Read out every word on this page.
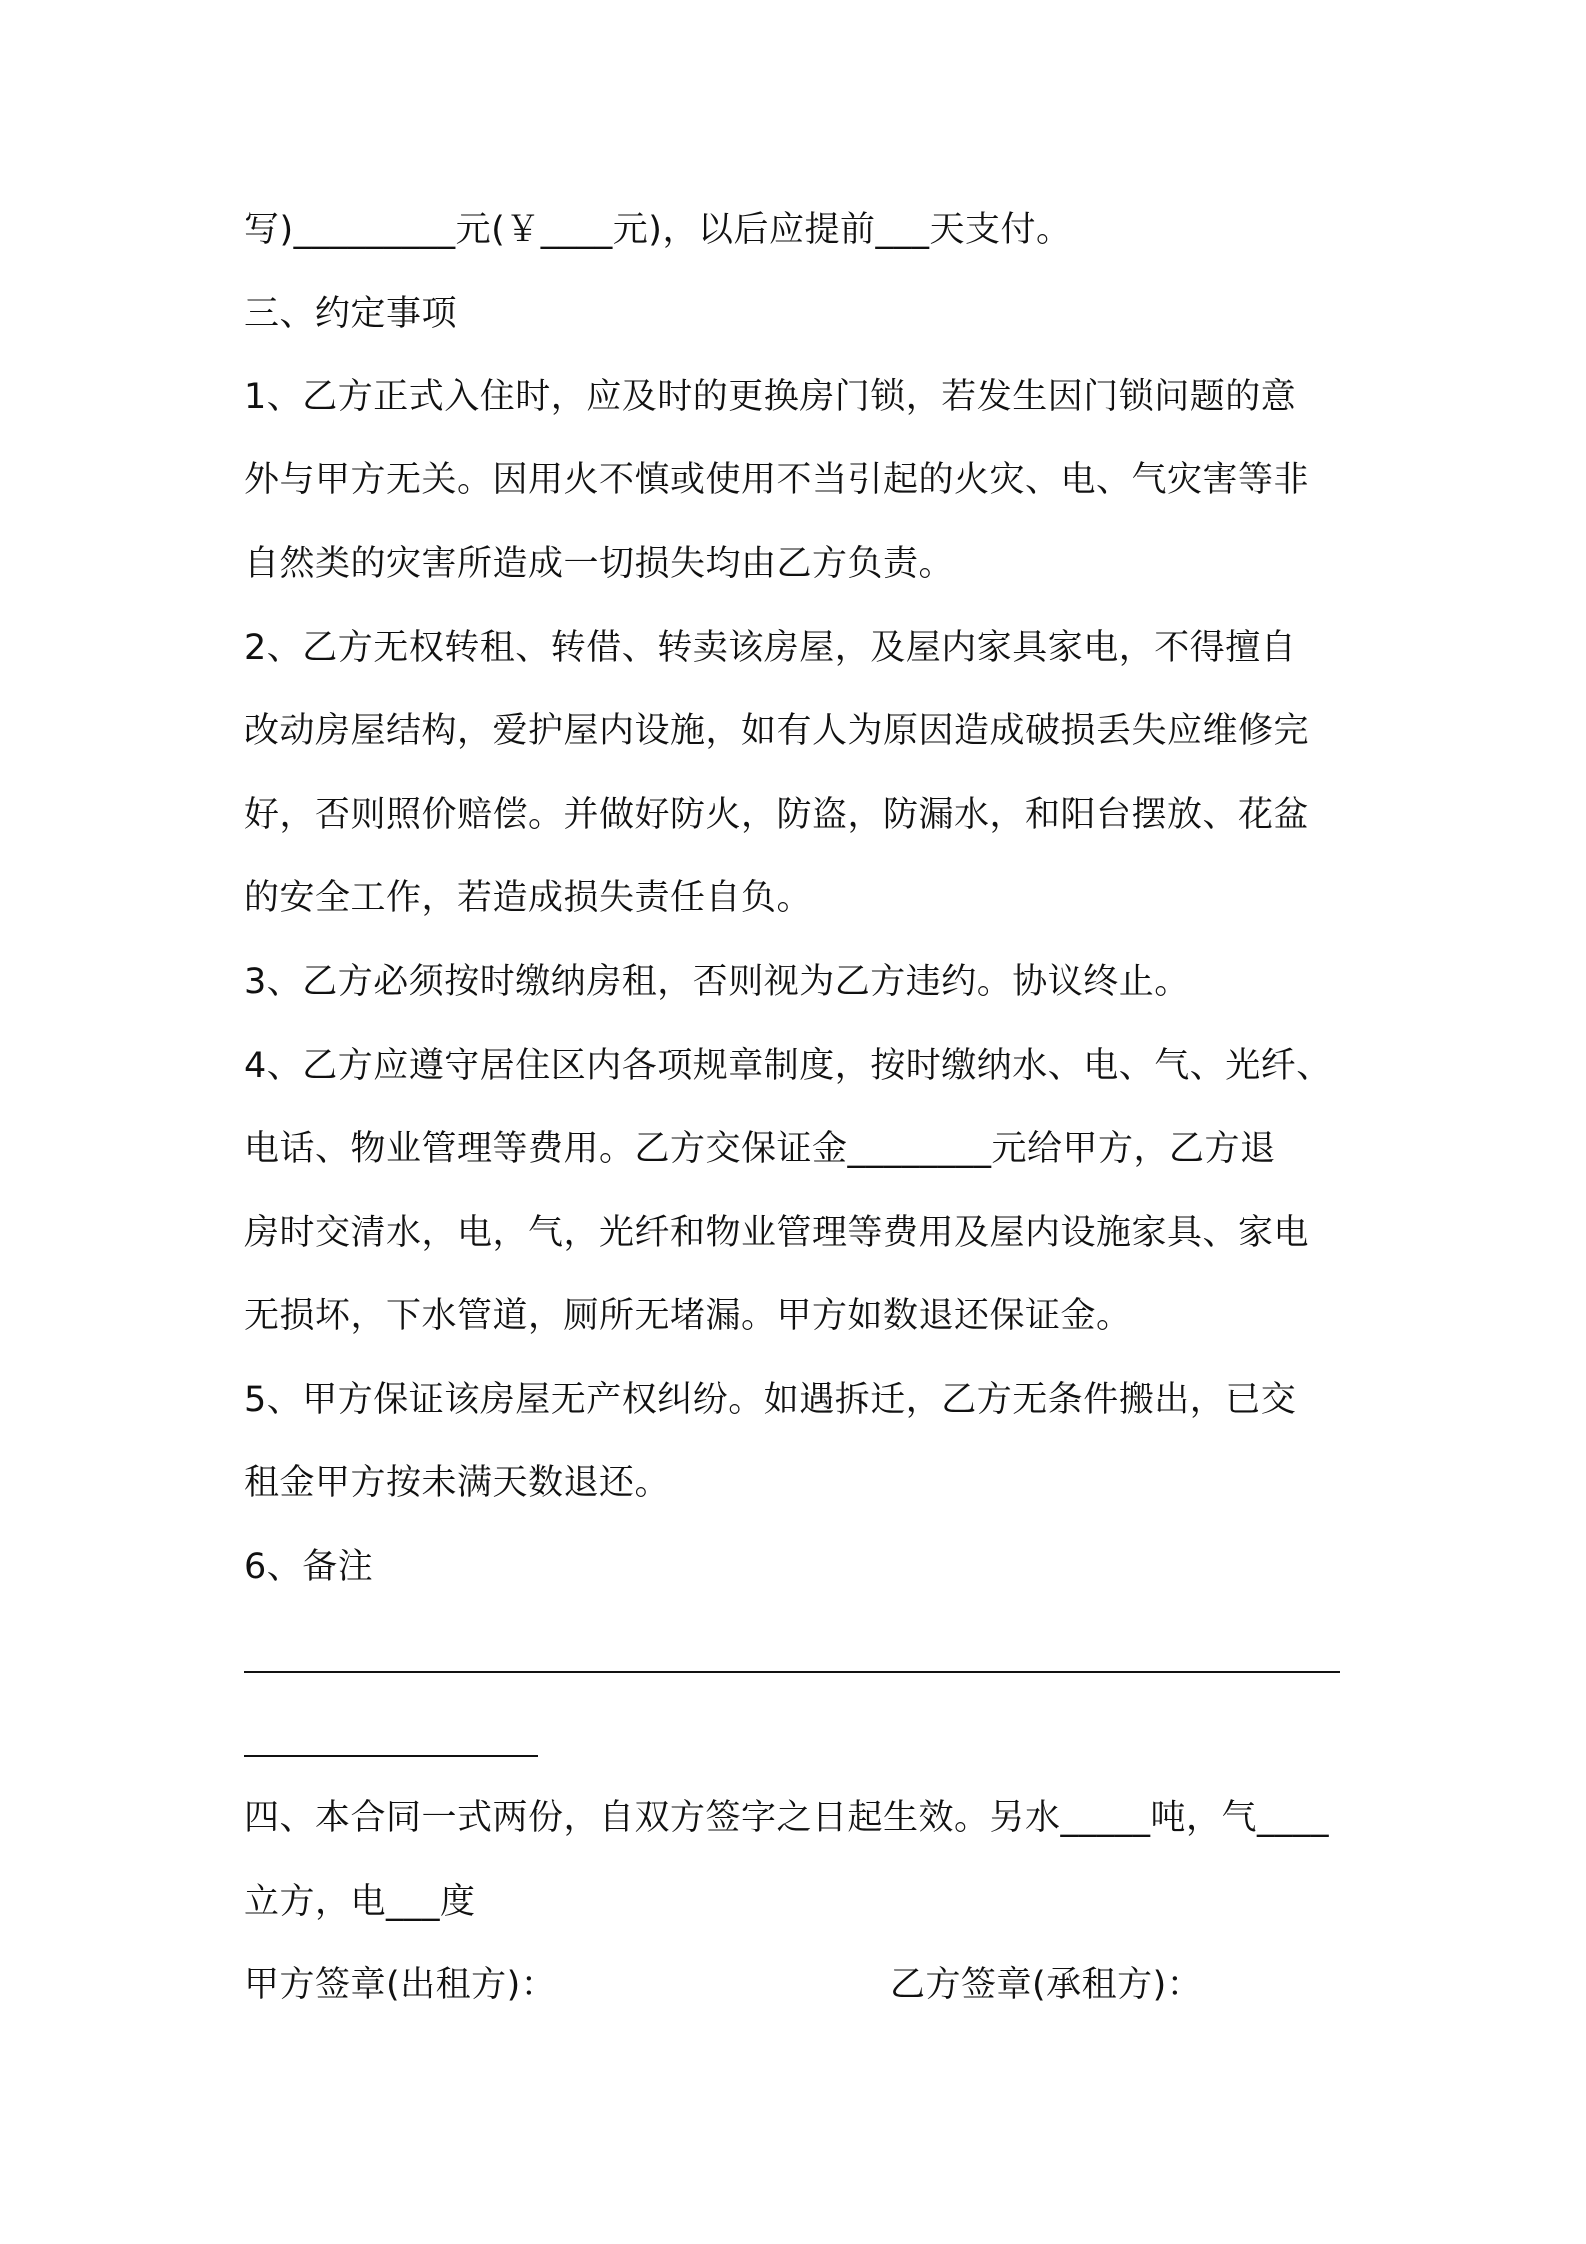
写)_________元(￥____元)，以后应提前___天支付。
三、约定事项
1、乙方正式入住时，应及时的更换房门锁，若发生因门锁问题的意
外与甲方无关。因用火不慎或使用不当引起的火灾、电、气灾害等非
自然类的灾害所造成一切损失均由乙方负责。
2、乙方无权转租、转借、转卖该房屋，及屋内家具家电，不得擅自
改动房屋结构，爱护屋内设施，如有人为原因造成破损丢失应维修完
好，否则照价赔偿。并做好防火，防盗，防漏水，和阳台摆放、花盆
的安全工作，若造成损失责任自负。
3、乙方必须按时缴纳房租，否则视为乙方违约。协议终止。
4、乙方应遵守居住区内各项规章制度，按时缴纳水、电、气、光纤、
电话、物业管理等费用。乙方交保证金________元给甲方，乙方退
房时交清水，电，气，光纤和物业管理等费用及屋内设施家具、家电
无损坏，下水管道，厕所无堵漏。甲方如数退还保证金。
5、甲方保证该房屋无产权纠纷。如遇拆迁，乙方无条件搬出，已交
租金甲方按未满天数退还。
6、备注
四、本合同一式两份，自双方签字之日起生效。另水_____吨，气____
立方，电___度
甲方签章(出租方)：	乙方签章(承租方)：
